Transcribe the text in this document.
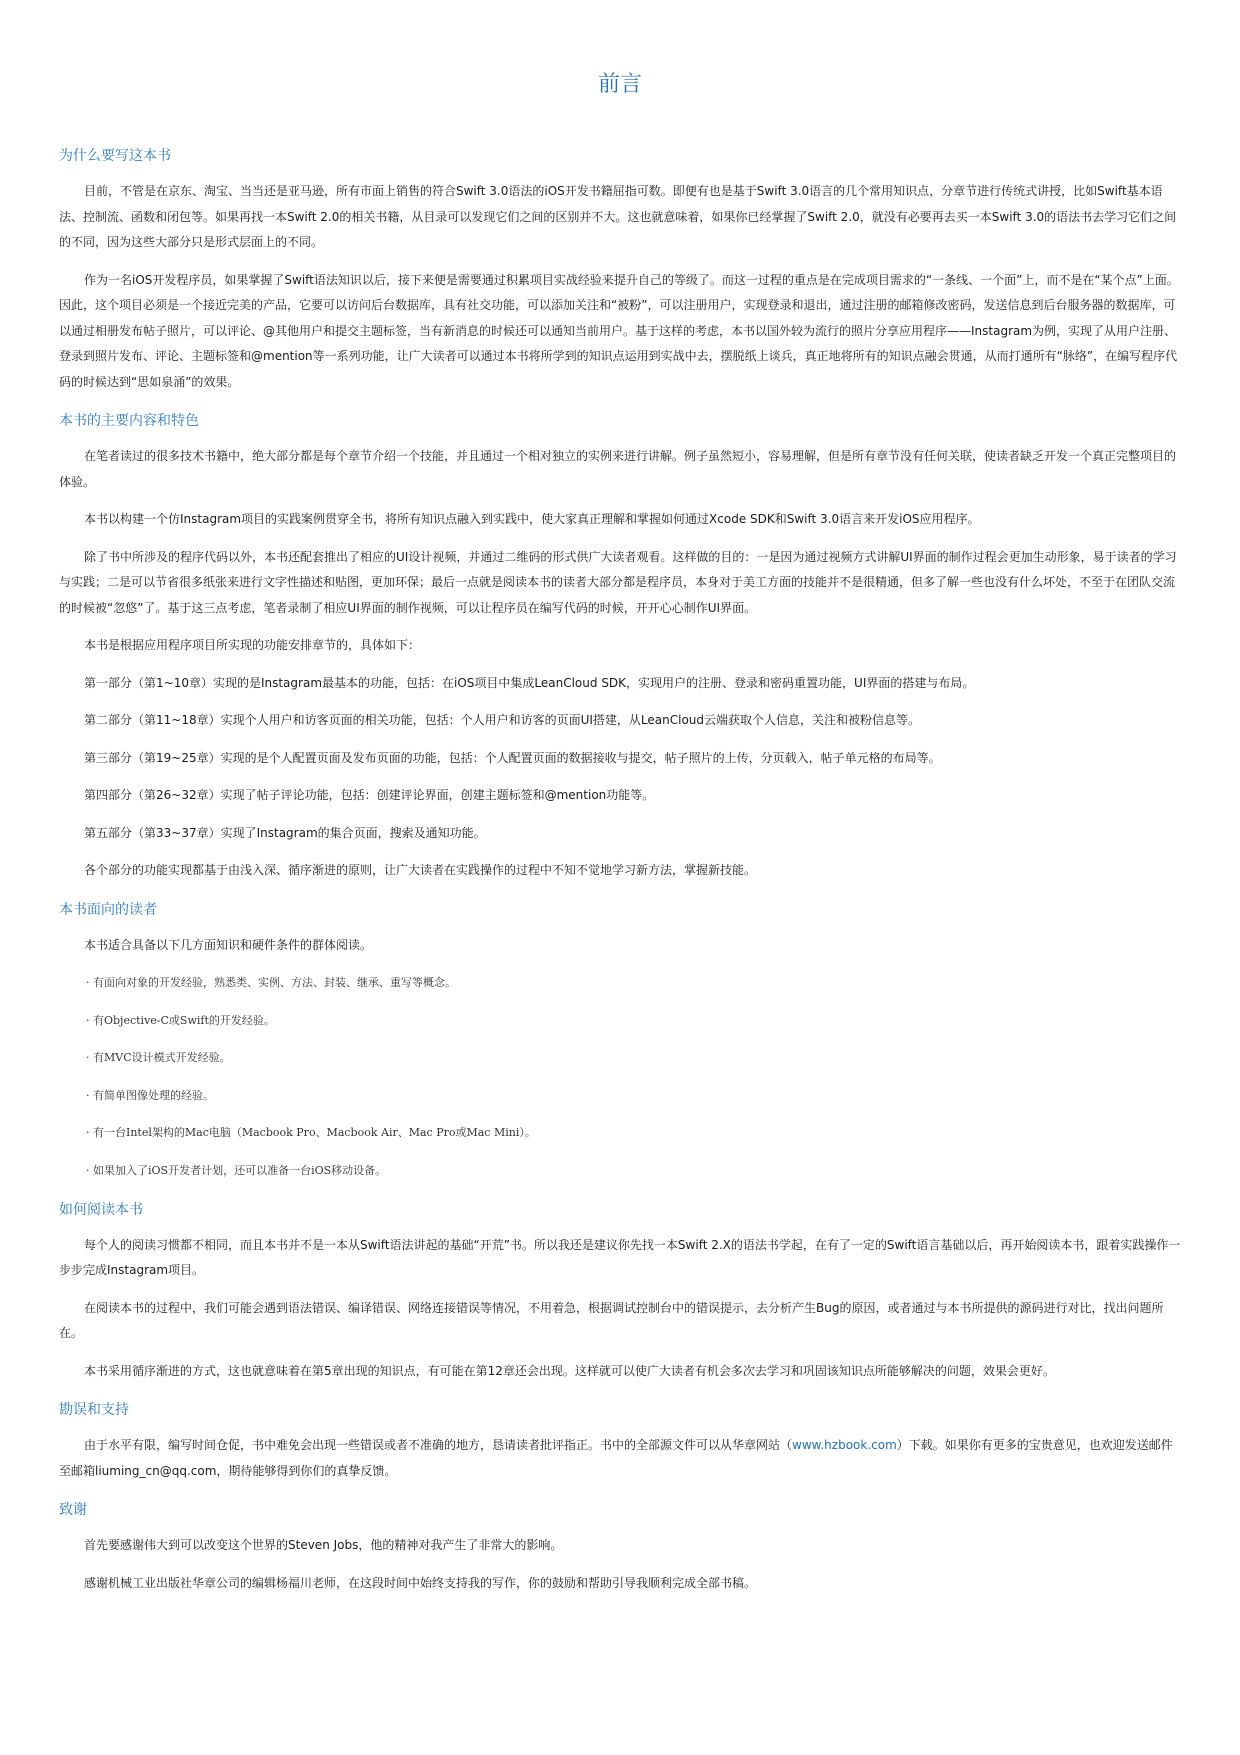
前言
为什么要写这本书

目前，不管是在京东、淘宝、当当还是亚马逊，所有市面上销售的符合Swift 3.0语法的iOS开发书籍屈指可数。即便有也是基于Swift 3.0语言的几个常用知识点，分章节进行传统式讲授，比如Swift基本语法、控制流、函数和闭包等。如果再找一本Swift 2.0的相关书籍，从目录可以发现它们之间的区别并不大。这也就意味着，如果你已经掌握了Swift 2.0，就没有必要再去买一本Swift 3.0的语法书去学习它们之间的不同，因为这些大部分只是形式层面上的不同。

作为一名iOS开发程序员，如果掌握了Swift语法知识以后，接下来便是需要通过积累项目实战经验来提升自己的等级了。而这一过程的重点是在完成项目需求的“一条线、一个面”上，而不是在“某个点”上面。因此，这个项目必须是一个接近完美的产品，它要可以访问后台数据库，具有社交功能，可以添加关注和“被粉”，可以注册用户，实现登录和退出，通过注册的邮箱修改密码，发送信息到后台服务器的数据库，可以通过相册发布帖子照片，可以评论、@其他用户和提交主题标签，当有新消息的时候还可以通知当前用户。基于这样的考虑，本书以国外较为流行的照片分享应用程序——Instagram为例，实现了从用户注册、登录到照片发布、评论、主题标签和@mention等一系列功能，让广大读者可以通过本书将所学到的知识点运用到实战中去，摆脱纸上谈兵，真正地将所有的知识点融会贯通，从而打通所有“脉络”，在编写程序代码的时候达到“思如泉涌”的效果。

本书的主要内容和特色

在笔者读过的很多技术书籍中，绝大部分都是每个章节介绍一个技能，并且通过一个相对独立的实例来进行讲解。例子虽然短小，容易理解，但是所有章节没有任何关联，使读者缺乏开发一个真正完整项目的体验。

本书以构建一个仿Instagram项目的实践案例贯穿全书，将所有知识点融入到实践中，使大家真正理解和掌握如何通过Xcode SDK和Swift 3.0语言来开发iOS应用程序。

除了书中所涉及的程序代码以外，本书还配套推出了相应的UI设计视频，并通过二维码的形式供广大读者观看。这样做的目的：一是因为通过视频方式讲解UI界面的制作过程会更加生动形象，易于读者的学习与实践；二是可以节省很多纸张来进行文字性描述和贴图，更加环保；最后一点就是阅读本书的读者大部分都是程序员，本身对于美工方面的技能并不是很精通，但多了解一些也没有什么坏处，不至于在团队交流的时候被“忽悠”了。基于这三点考虑，笔者录制了相应UI界面的制作视频，可以让程序员在编写代码的时候，开开心心制作UI界面。

本书是根据应用程序项目所实现的功能安排章节的，具体如下：

第一部分（第1~10章）实现的是Instagram最基本的功能，包括：在iOS项目中集成LeanCloud SDK，实现用户的注册、登录和密码重置功能，UI界面的搭建与布局。

第二部分（第11~18章）实现个人用户和访客页面的相关功能，包括：个人用户和访客的页面UI搭建，从LeanCloud云端获取个人信息，关注和被粉信息等。

第三部分（第19~25章）实现的是个人配置页面及发布页面的功能，包括：个人配置页面的数据接收与提交，帖子照片的上传，分页载入，帖子单元格的布局等。

第四部分（第26~32章）实现了帖子评论功能，包括：创建评论界面，创建主题标签和@mention功能等。

第五部分（第33~37章）实现了Instagram的集合页面，搜索及通知功能。

各个部分的功能实现都基于由浅入深、循序渐进的原则，让广大读者在实践操作的过程中不知不觉地学习新方法，掌握新技能。

本书面向的读者

本书适合具备以下几方面知识和硬件条件的群体阅读。

· 有面向对象的开发经验，熟悉类、实例、方法、封装、继承、重写等概念。
· 有Objective-C或Swift的开发经验。
· 有MVC设计模式开发经验。
· 有简单图像处理的经验。
· 有一台Intel架构的Mac电脑（Macbook Pro、Macbook Air、Mac Pro或Mac Mini）。
· 如果加入了iOS开发者计划，还可以准备一台iOS移动设备。
如何阅读本书

每个人的阅读习惯都不相同，而且本书并不是一本从Swift语法讲起的基础“开荒”书。所以我还是建议你先找一本Swift 2.X的语法书学起，在有了一定的Swift语言基础以后，再开始阅读本书，跟着实践操作一步步完成Instagram项目。

在阅读本书的过程中，我们可能会遇到语法错误、编译错误、网络连接错误等情况，不用着急，根据调试控制台中的错误提示，去分析产生Bug的原因，或者通过与本书所提供的源码进行对比，找出问题所在。

本书采用循序渐进的方式，这也就意味着在第5章出现的知识点，有可能在第12章还会出现。这样就可以使广大读者有机会多次去学习和巩固该知识点所能够解决的问题，效果会更好。

勘误和支持

由于水平有限，编写时间仓促，书中难免会出现一些错误或者不准确的地方，恳请读者批评指正。书中的全部源文件可以从华章网站（www.hzbook.com）下载。如果你有更多的宝贵意见，也欢迎发送邮件至邮箱liuming_cn@qq.com，期待能够得到你们的真挚反馈。

致谢

首先要感谢伟大到可以改变这个世界的Steven Jobs，他的精神对我产生了非常大的影响。

感谢机械工业出版社华章公司的编辑杨福川老师，在这段时间中始终支持我的写作，你的鼓励和帮助引导我顺利完成全部书稿。
